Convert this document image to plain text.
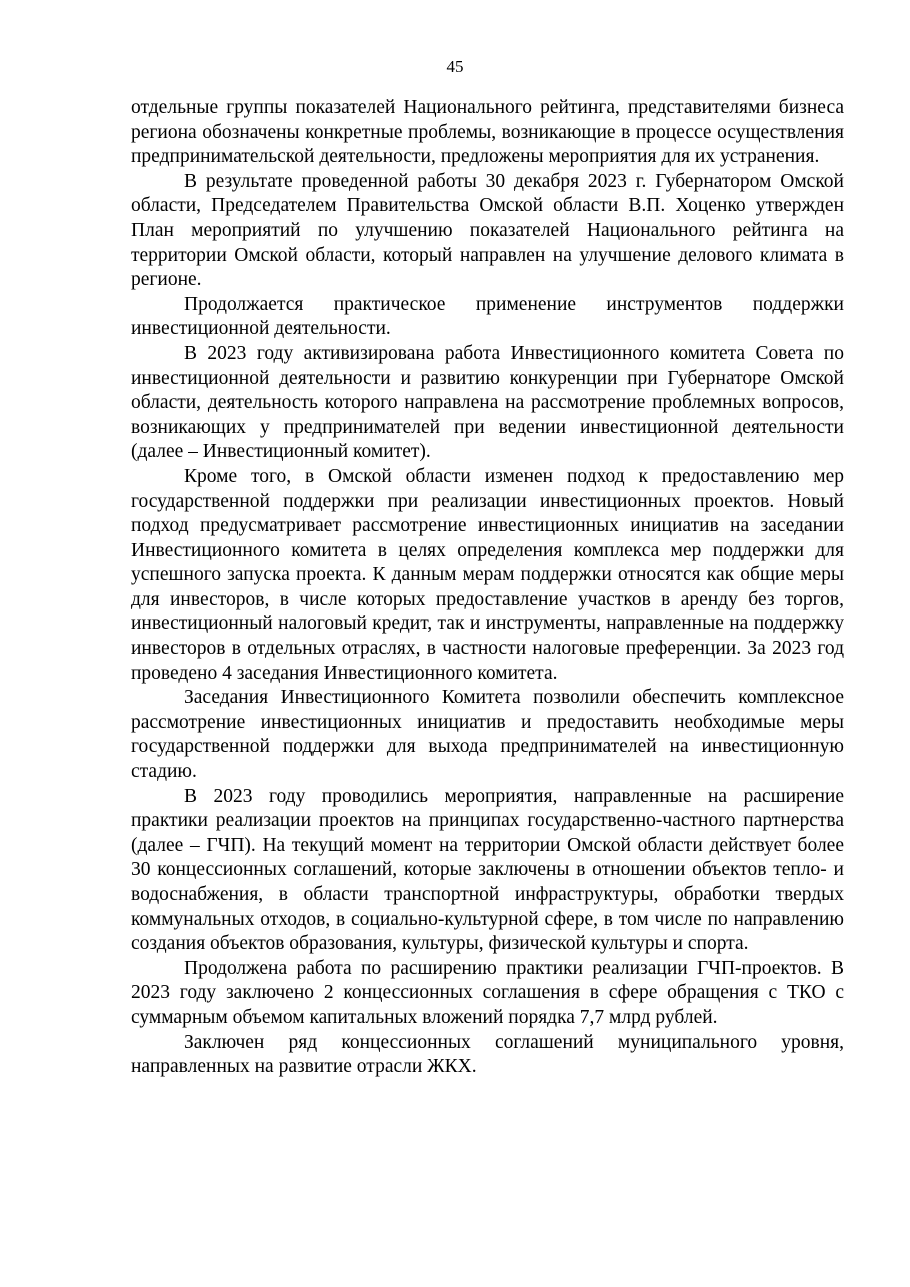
45

отдельные группы показателей Национального рейтинга, представителями бизнеса региона обозначены конкретные проблемы, возникающие в процессе осуществления предпринимательской деятельности, предложены мероприятия для их устранения.

В результате проведенной работы 30 декабря 2023 г. Губернатором Омской области, Председателем Правительства Омской области В.П. Хоценко утвержден План мероприятий по улучшению показателей Национального рейтинга на территории Омской области, который направлен на улучшение делового климата в регионе.

Продолжается практическое применение инструментов поддержки инвестиционной деятельности.

В 2023 году активизирована работа Инвестиционного комитета Совета по инвестиционной деятельности и развитию конкуренции при Губернаторе Омской области, деятельность которого направлена на рассмотрение проблемных вопросов, возникающих у предпринимателей при ведении инвестиционной деятельности (далее – Инвестиционный комитет).

Кроме того, в Омской области изменен подход к предоставлению мер государственной поддержки при реализации инвестиционных проектов. Новый подход предусматривает рассмотрение инвестиционных инициатив на заседании Инвестиционного комитета в целях определения комплекса мер поддержки для успешного запуска проекта. К данным мерам поддержки относятся как общие меры для инвесторов, в числе которых предоставление участков в аренду без торгов, инвестиционный налоговый кредит, так и инструменты, направленные на поддержку инвесторов в отдельных отраслях, в частности налоговые преференции. За 2023 год проведено 4 заседания Инвестиционного комитета.

Заседания Инвестиционного Комитета позволили обеспечить комплексное рассмотрение инвестиционных инициатив и предоставить необходимые меры государственной поддержки для выхода предпринимателей на инвестиционную стадию.

В 2023 году проводились мероприятия, направленные на расширение практики реализации проектов на принципах государственно-частного партнерства (далее – ГЧП). На текущий момент на территории Омской области действует более 30 концессионных соглашений, которые заключены в отношении объектов тепло- и водоснабжения, в области транспортной инфраструктуры, обработки твердых коммунальных отходов, в социально-культурной сфере, в том числе по направлению создания объектов образования, культуры, физической культуры и спорта.

Продолжена работа по расширению практики реализации ГЧП-проектов. В 2023 году заключено 2 концессионных соглашения в сфере обращения с ТКО с суммарным объемом капитальных вложений порядка 7,7 млрд рублей.

Заключен ряд концессионных соглашений муниципального уровня, направленных на развитие отрасли ЖКХ.
